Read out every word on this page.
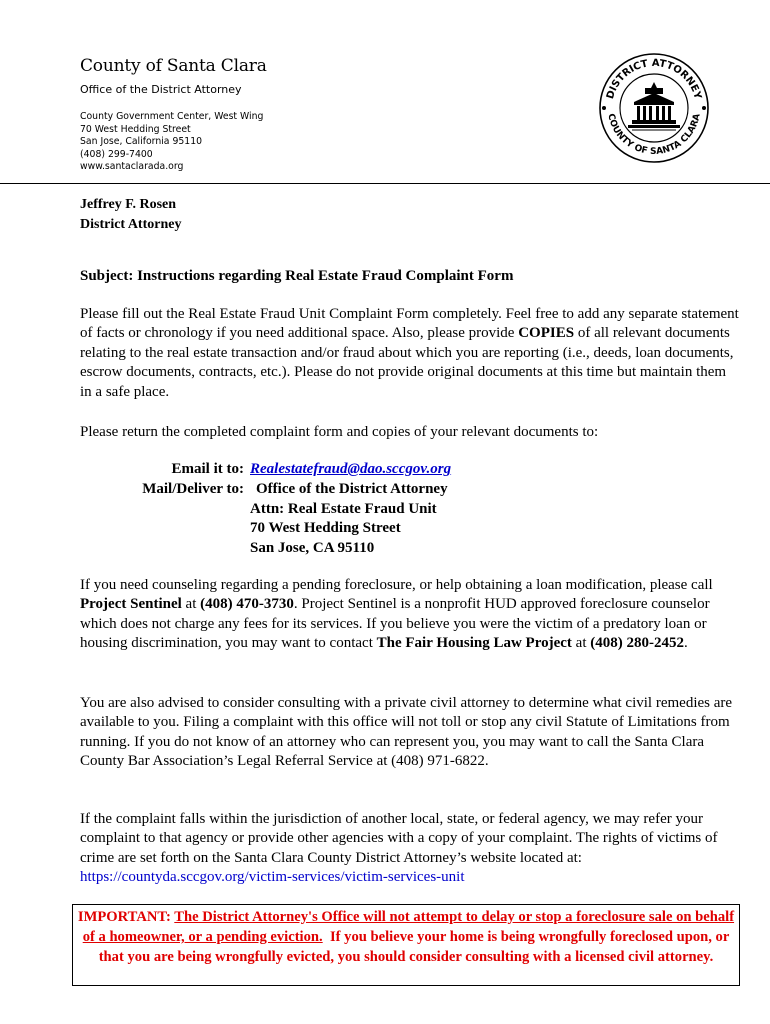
County of Santa Clara
Office of the District Attorney
County Government Center, West Wing
70 West Hedding Street
San Jose, California 95110
(408) 299-7400
www.santaclarada.org
DISTRICT ATTORNEY
COUNTY OF SANTA CLARA
Jeffrey F. Rosen
District Attorney
Subject: Instructions regarding Real Estate Fraud Complaint Form

Please fill out the Real Estate Fraud Unit Complaint Form completely. Feel free to add any separate statement of facts or chronology if you need additional space. Also, please provide COPIES of all relevant documents relating to the real estate transaction and/or fraud about which you are reporting (i.e., deeds, loan documents, escrow documents, contracts, etc.). Please do not provide original documents at this time but maintain them in a safe place.

Please return the completed complaint form and copies of your relevant documents to:
Email it to: Realestatefraud@dao.sccgov.org
Mail/Deliver to: Office of the District Attorney
Attn: Real Estate Fraud Unit
70 West Hedding Street
San Jose, CA 95110

If you need counseling regarding a pending foreclosure, or help obtaining a loan modification, please call Project Sentinel at (408) 470-3730. Project Sentinel is a nonprofit HUD approved foreclosure counselor which does not charge any fees for its services. If you believe you were the victim of a predatory loan or housing discrimination, you may want to contact The Fair Housing Law Project at (408) 280-2452.

You are also advised to consider consulting with a private civil attorney to determine what civil remedies are available to you. Filing a complaint with this office will not toll or stop any civil Statute of Limitations from running. If you do not know of an attorney who can represent you, you may want to call the Santa Clara County Bar Association’s Legal Referral Service at (408) 971-6822.

If the complaint falls within the jurisdiction of another local, state, or federal agency, we may refer your complaint to that agency or provide other agencies with a copy of your complaint. The rights of victims of crime are set forth on the Santa Clara County District Attorney’s website located at: https://countyda.sccgov.org/victim-services/victim-services-unit

IMPORTANT: The District Attorney's Office will not attempt to delay or stop a foreclosure sale on behalf of a homeowner, or a pending eviction. If you believe your home is being wrongfully foreclosed upon, or that you are being wrongfully evicted, you should consider consulting with a licensed civil attorney.
